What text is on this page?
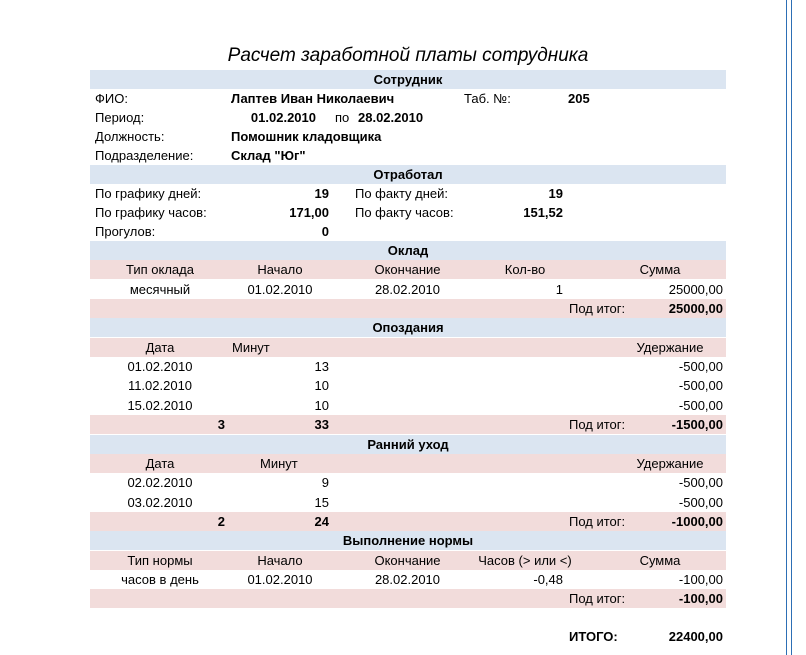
Расчет заработной платы сотрудника
Сотрудник
ФИО:	Лаптев Иван Николаевич	Таб. №:	205
Период:	01.02.2010 по 28.02.2010
Должность:	Помошник кладовщика
Подразделение:	Склад "Юг"
Отработал
По графику дней:	19 По факту дней:	19
По графику часов:	171,00 По факту часов:	151,52
Прогулов:	0
Оклад
Тип оклада	Начало	Окончание	Кол-во	Сумма
месячный	01.02.2010	28.02.2010	1	25000,00
Под итог:	25000,00
Опоздания
Дата	Минут	Удержание
01.02.2010	13	-500,00
11.02.2010	10	-500,00
15.02.2010	10	-500,00
3	33	Под итог:	-1500,00
Ранний уход
Дата	Минут	Удержание
02.02.2010	9	-500,00
03.02.2010	15	-500,00
2	24	Под итог:	-1000,00
Выполнение нормы
Тип нормы	Начало	Окончание	Часов (> или <)	Сумма
часов в день	01.02.2010	28.02.2010	-0,48	-100,00
Под итог:	-100,00
ИТОГО:	22400,00
